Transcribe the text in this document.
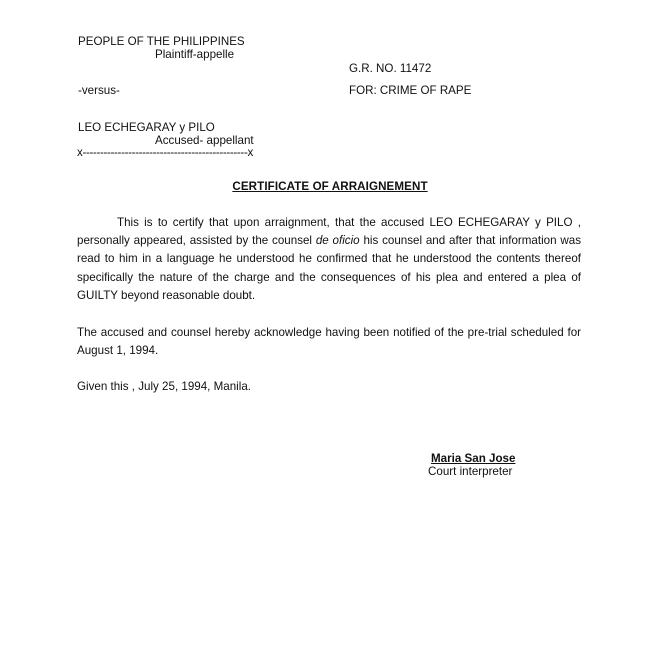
PEOPLE OF THE PHILIPPINES
Plaintiff-appelle
G.R. NO. 11472
-versus-	FOR: CRIME OF RAPE
LEO ECHEGARAY y PILO
Accused- appellant
x-----------------------------------------------x
CERTIFICATE OF ARRAIGNEMENT
This is to certify that upon arraignment, that the accused LEO ECHEGARAY y PILO , personally appeared, assisted by the counsel de oficio his counsel and after that information was read to him in a language he understood he confirmed that he understood the contents thereof specifically the nature of the charge and the consequences of his plea and entered a plea of GUILTY beyond reasonable doubt.
The accused and counsel hereby acknowledge having been notified of the pre-trial scheduled for August 1, 1994.
Given this , July 25, 1994, Manila.
Maria San Jose
Court interpreter
